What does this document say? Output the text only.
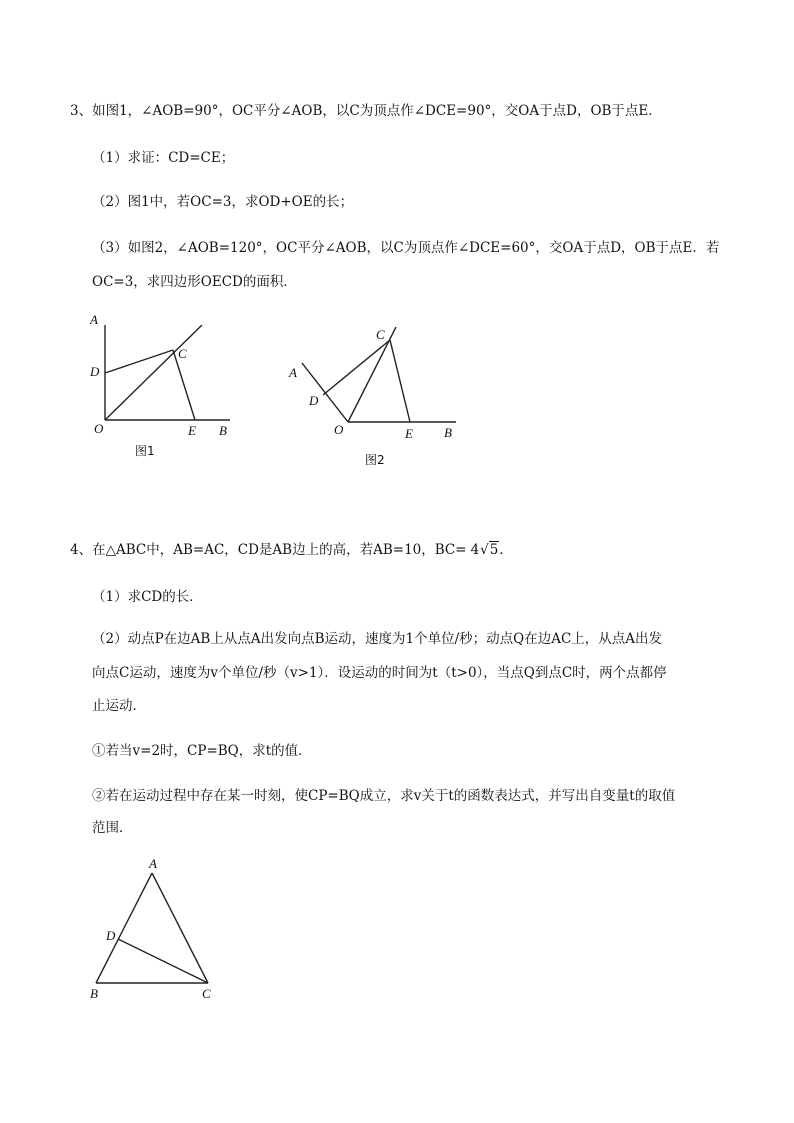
3、如图1，∠AOB=90°，OC平分∠AOB，以C为顶点作∠DCE=90°，交OA于点D，OB于点E．
（1）求证：CD=CE；
（2）图1中，若OC=3，求OD+OE的长；
（3）如图2，∠AOB=120°，OC平分∠AOB，以C为顶点作∠DCE=60°，交OA于点D，OB于点E．若
OC=3，求四边形OECD的面积．
A
D
C
O	E B
图1
A
D
C
O	E B
图2
A
D
B	C
4、在△ABC中，AB=AC，CD是AB边上的高，若AB=10，BC= 4√5．
（1）求CD的长．
（2）动点P在边AB上从点A出发向点B运动，速度为1个单位/秒；动点Q在边AC上，从点A出发
向点C运动，速度为v个单位/秒（v>1）．设运动的时间为t（t>0），当点Q到点C时，两个点都停
止运动．
①若当v=2时，CP=BQ，求t的值．
②若在运动过程中存在某一时刻，使CP=BQ成立，求v关于t的函数表达式，并写出自变量t的取值
范围．
